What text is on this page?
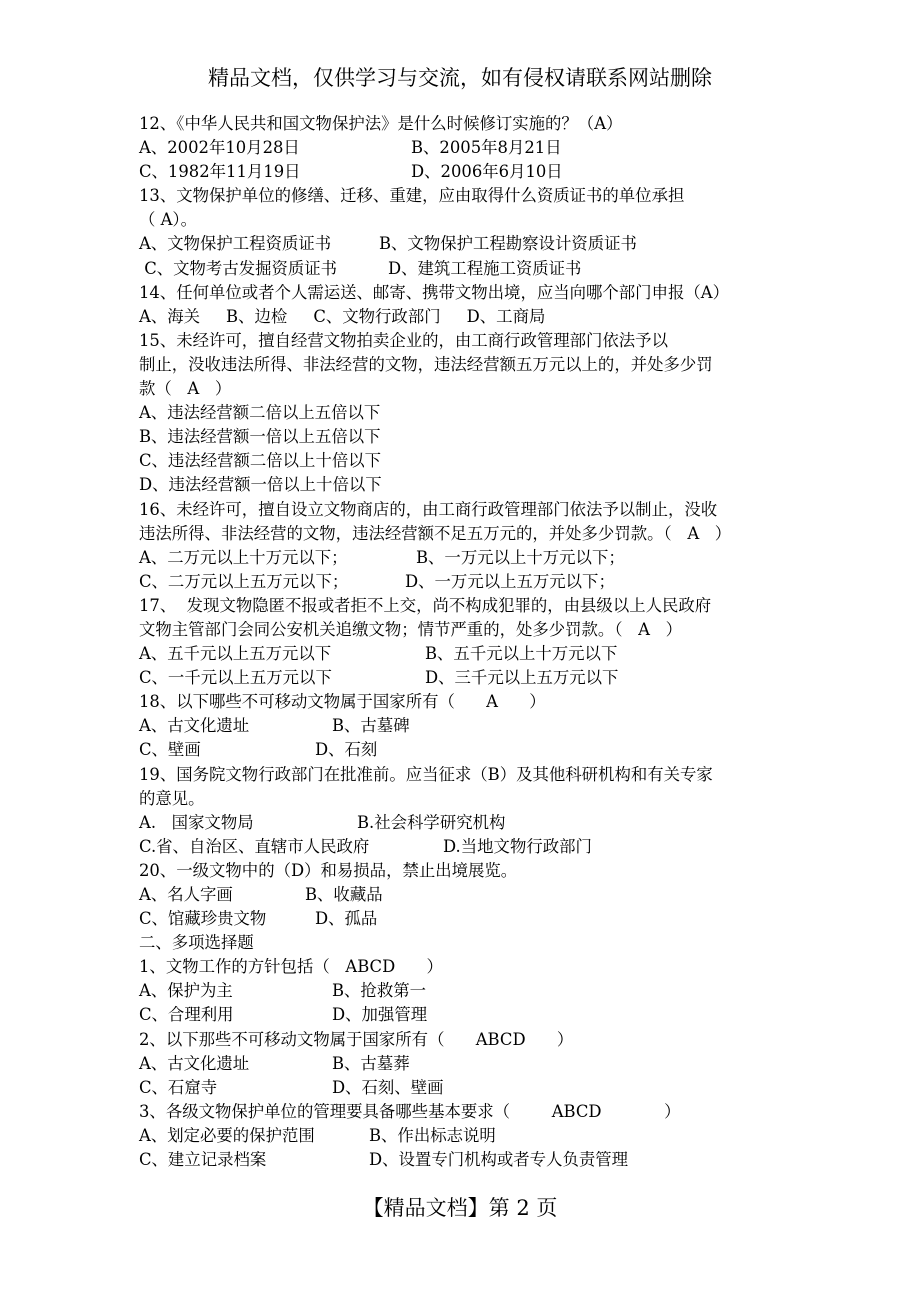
精品文档，仅供学习与交流，如有侵权请联系网站删除
12、《中华人民共和国文物保护法》是什么时候修订实施的？（A）
A、2002年10月28日	B、2005年8月21日
C、1982年11月19日	D、2006年6月10日
13、文物保护单位的修缮、迁移、重建，应由取得什么资质证书的单位承担
（ A）。
A、文物保护工程资质证书	B、文物保护工程勘察设计资质证书
C、文物考古发掘资质证书	D、建筑工程施工资质证书
14、任何单位或者个人需运送、邮寄、携带文物出境，应当向哪个部门申报（A）
A、海关     B、边检     C、文物行政部门     D、工商局
15、未经许可，擅自经营文物拍卖企业的，由工商行政管理部门依法予以
制止，没收违法所得、非法经营的文物，违法经营额五万元以上的，并处多少罚
款（   A   ）
A、违法经营额二倍以上五倍以下
B、违法经营额一倍以上五倍以下
C、违法经营额二倍以上十倍以下
D、违法经营额一倍以上十倍以下
16、未经许可，擅自设立文物商店的，由工商行政管理部门依法予以制止，没收
违法所得、非法经营的文物，违法经营额不足五万元的，并处多少罚款。（   A   ）
A、二万元以上十万元以下；	B、一万元以上十万元以下；
C、二万元以上五万元以下；	D、一万元以上五万元以下；
17、  发现文物隐匿不报或者拒不上交，尚不构成犯罪的，由县级以上人民政府
文物主管部门会同公安机关追缴文物；情节严重的，处多少罚款。（   A   ）
A、五千元以上五万元以下	B、五千元以上十万元以下
C、一千元以上五万元以下	D、三千元以上五万元以下
18、以下哪些不可移动文物属于国家所有（      A      ）
A、古文化遗址	B、古墓碑
C、壁画	D、石刻
19、国务院文物行政部门在批准前。应当征求（B）及其他科研机构和有关专家
的意见。
A.   国家文物局	B.社会科学研究机构
C.省、自治区、直辖市人民政府	D.当地文物行政部门
20、一级文物中的（D）和易损品，禁止出境展览。
A、名人字画	B、收藏品
C、馆藏珍贵文物	D、孤品
二、多项选择题
1、文物工作的方针包括（   ABCD      ）
A、保护为主	B、抢救第一
C、合理利用	D、加强管理
2、以下那些不可移动文物属于国家所有（      ABCD      ）
A、古文化遗址	B、古墓葬
C、石窟寺	D、石刻、壁画
3、各级文物保护单位的管理要具备哪些基本要求（        ABCD            ）
A、划定必要的保护范围	B、作出标志说明
C、建立记录档案	D、设置专门机构或者专人负责管理
【精品文档】第 2 页
